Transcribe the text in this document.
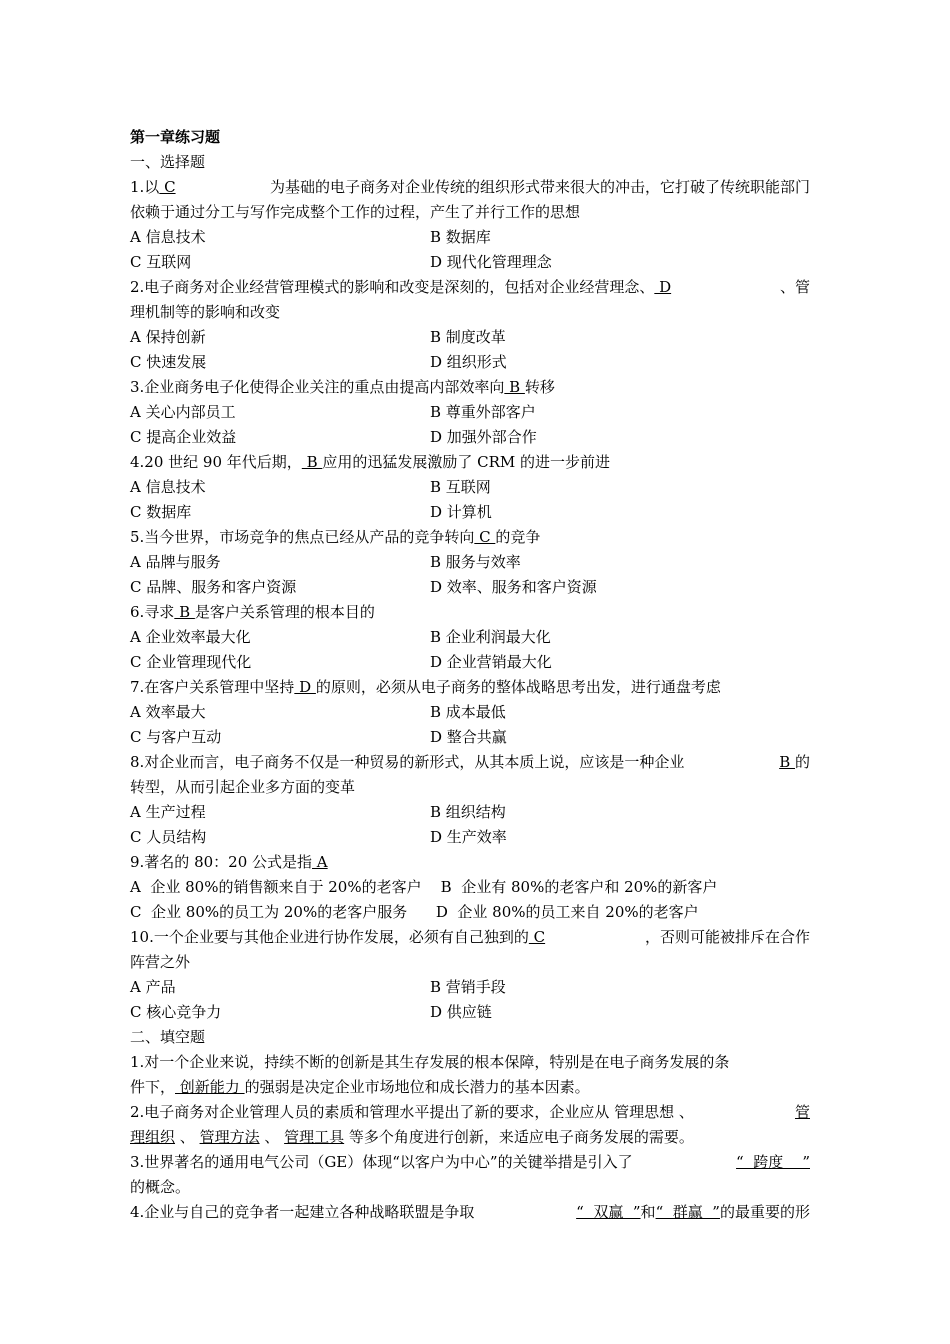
第一章练习题
一、选择题
1.以 C	为基础的电子商务对企业传统的组织形式带来很大的冲击，它打破了传统职能部门
依赖于通过分工与写作完成整个工作的过程，产生了并行工作的思想
A 信息技术	B 数据库
C 互联网	D 现代化管理理念
2.电子商务对企业经营管理模式的影响和改变是深刻的，包括对企业经营理念、 D	、管
理机制等的影响和改变
A 保持创新	B 制度改革
C 快速发展	D 组织形式
3.企业商务电子化使得企业关注的重点由提高内部效率向 B 转移
A 关心内部员工	B 尊重外部客户
C 提高企业效益	D 加强外部合作
4.20 世纪 90 年代后期， B 应用的迅猛发展激励了 CRM 的进一步前进
A 信息技术	B 互联网
C 数据库	D 计算机
5.当今世界，市场竞争的焦点已经从产品的竞争转向 C 的竞争
A 品牌与服务	B 服务与效率
C 品牌、服务和客户资源	D 效率、服务和客户资源
6.寻求 B 是客户关系管理的根本目的
A 企业效率最大化	B 企业利润最大化
C 企业管理现代化	D 企业营销最大化
7.在客户关系管理中坚持 D 的原则，必须从电子商务的整体战略思考出发，进行通盘考虑
A 效率最大	B 成本最低
C 与客户互动	D 整合共赢
8.对企业而言，电子商务不仅是一种贸易的新形式，从其本质上说，应该是一种企业	B 的
转型，从而引起企业多方面的变革
A 生产过程	B 组织结构
C 人员结构	D 生产效率
9.著名的 80：20 公式是指 A
A  企业 80%的销售额来自于 20%的老客户    B  企业有 80%的老客户和 20%的新客户
C  企业 80%的员工为 20%的老客户服务      D  企业 80%的员工来自 20%的老客户
10.一个企业要与其他企业进行协作发展，必须有自己独到的 C	，否则可能被排斥在合作
阵营之外
A 产品	B 营销手段
C 核心竞争力	D 供应链
二、填空题
1.对一个企业来说，持续不断的创新是其生存发展的根本保障，特别是在电子商务发展的条
件下， 创新能力 的强弱是决定企业市场地位和成长潜力的基本因素。
2.电子商务对企业管理人员的素质和管理水平提出了新的要求，企业应从 管理思想 、	管
理组织 、 管理方法 、 管理工具 等多个角度进行创新，来适应电子商务发展的需要。
3.世界著名的通用电气公司（GE）体现“以客户为中心”的关键举措是引入了	“  跨度    ”
的概念。
4.企业与自己的竞争者一起建立各种战略联盟是争取	“  双赢  ”和“  群赢  ”的最重要的形
